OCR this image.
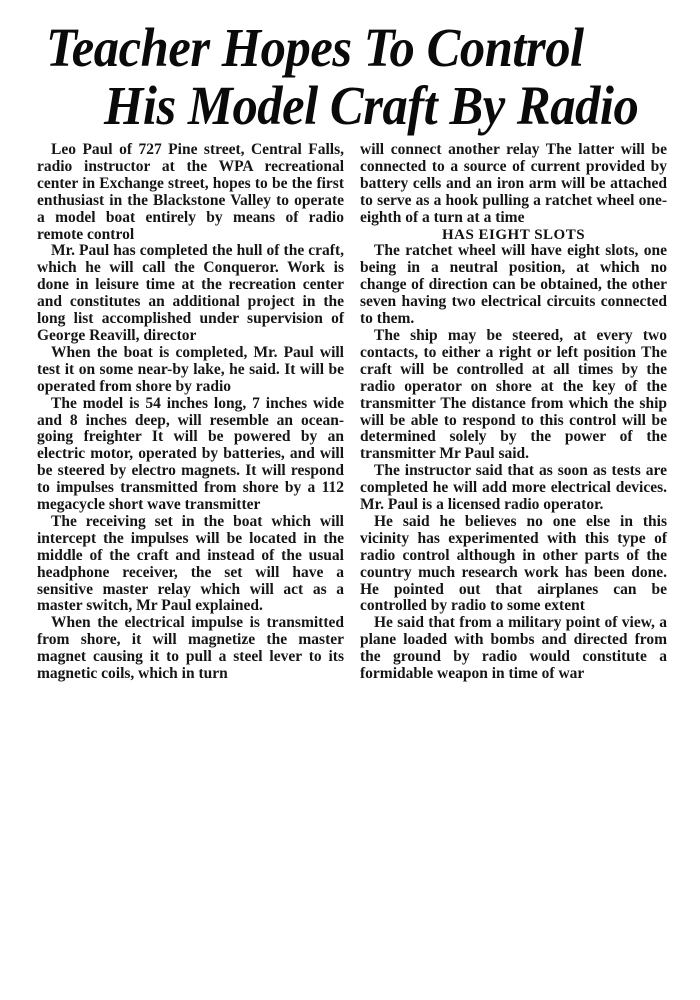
Teacher Hopes To Control
His Model Craft By Radio

Leo Paul of 727 Pine street, Central Falls, radio instructor at the WPA recreational center in Exchange street, hopes to be the first enthusiast in the Blackstone Valley to operate a model boat entirely by means of radio remote control

Mr. Paul has completed the hull of the craft, which he will call the Conqueror. Work is done in leisure time at the recreation center and constitutes an additional project in the long list accomplished under supervision of George Reavill, director

When the boat is completed, Mr. Paul will test it on some near-by lake, he said. It will be operated from shore by radio

The model is 54 inches long, 7 inches wide and 8 inches deep, will resemble an ocean-going freighter It will be powered by an electric motor, operated by batteries, and will be steered by electro magnets. It will respond to impulses transmitted from shore by a 112 megacycle short wave transmitter

The receiving set in the boat which will intercept the impulses will be located in the middle of the craft and instead of the usual headphone receiver, the set will have a sensitive master relay which will act as a master switch, Mr Paul explained.

When the electrical impulse is transmitted from shore, it will magnetize the master magnet causing it to pull a steel lever to its magnetic coils, which in turn

will connect another relay The latter will be connected to a source of current provided by battery cells and an iron arm will be attached to serve as a hook pulling a ratchet wheel one-eighth of a turn at a time

HAS EIGHT SLOTS

The ratchet wheel will have eight slots, one being in a neutral position, at which no change of direction can be obtained, the other seven having two electrical circuits connected to them.

The ship may be steered, at every two contacts, to either a right or left position The craft will be controlled at all times by the radio operator on shore at the key of the transmitter The distance from which the ship will be able to respond to this control will be determined solely by the power of the transmitter Mr Paul said.

The instructor said that as soon as tests are completed he will add more electrical devices. Mr. Paul is a licensed radio operator.

He said he believes no one else in this vicinity has experimented with this type of radio control although in other parts of the country much research work has been done. He pointed out that airplanes can be controlled by radio to some extent

He said that from a military point of view, a plane loaded with bombs and directed from the ground by radio would constitute a formidable weapon in time of war
